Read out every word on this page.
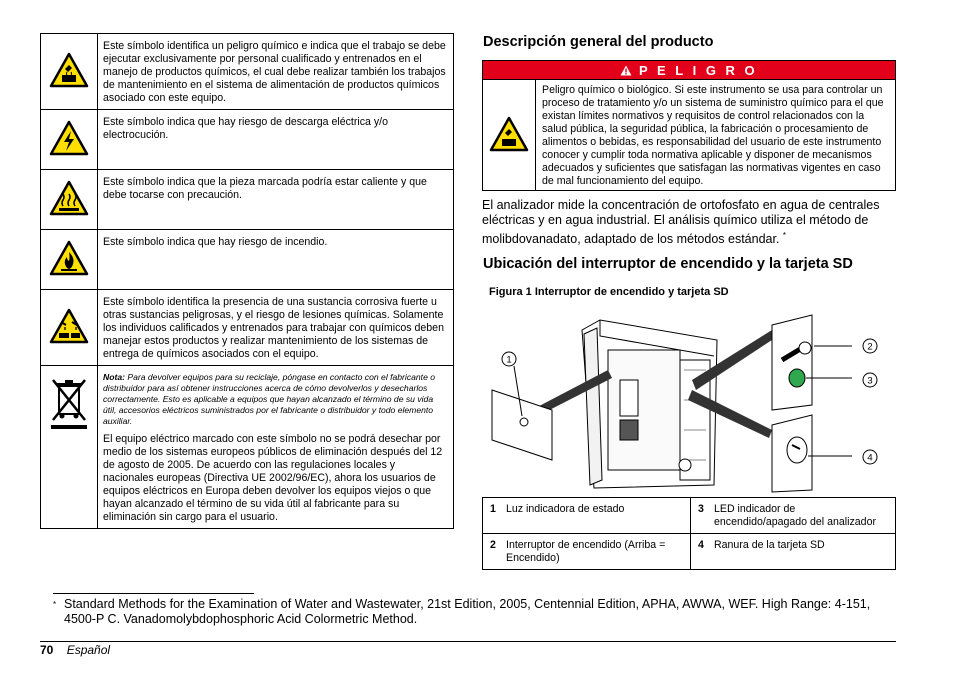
	Este símbolo identifica un peligro químico e indica que el trabajo se debe ejecutar exclusivamente por personal cualificado y entrenados en el manejo de productos químicos, el cual debe realizar también los trabajos de mantenimiento en el sistema de alimentación de productos químicos asociado con este equipo.
	Este símbolo indica que hay riesgo de descarga eléctrica y/o electrocución.
	Este símbolo indica que la pieza marcada podría estar caliente y que debe tocarse con precaución.
	Este símbolo indica que hay riesgo de incendio.
	Este símbolo identifica la presencia de una sustancia corrosiva fuerte u otras sustancias peligrosas, y el riesgo de lesiones químicas. Solamente los individuos calificados y entrenados para trabajar con químicos deben manejar estos productos y realizar mantenimiento de los sistemas de entrega de químicos asociados con el equipo.

Nota: Para devolver equipos para su reciclaje, póngase en contacto con el fabricante o distribuidor para así obtener instrucciones acerca de cómo devolverlos y desecharlos correctamente. Esto es aplicable a equipos que hayan alcanzado el término de su vida útil, accesorios eléctricos suministrados por el fabricante o distribuidor y todo elemento auxiliar.
El equipo eléctrico marcado con este símbolo no se podrá desechar por medio de los sistemas europeos públicos de eliminación después del 12 de agosto de 2005. De acuerdo con las regulaciones locales y nacionales europeas (Directiva UE 2002/96/EC), ahora los usuarios de equipos eléctricos en Europa deben devolver los equipos viejos o que hayan alcanzado el término de su vida útil al fabricante para su eliminación sin cargo para el usuario.
Descripción general del producto
P E L I G R O
Peligro químico o biológico. Si este instrumento se usa para controlar un proceso de tratamiento y/o un sistema de suministro químico para el que existan límites normativos y requisitos de control relacionados con la salud pública, la seguridad pública, la fabricación o procesamiento de alimentos o bebidas, es responsabilidad del usuario de este instrumento conocer y cumplir toda normativa aplicable y disponer de mecanismos adecuados y suficientes que satisfagan las normativas vigentes en caso de mal funcionamiento del equipo.
El analizador mide la concentración de ortofosfato en agua de centrales eléctricas y en agua industrial. El análisis químico utiliza el método de molibdovanadato, adaptado de los métodos estándar. *
Ubicación del interruptor de encendido y la tarjeta SD
Figura 1 Interruptor de encendido y tarjeta SD
1
2
3
4
1	Luz indicadora de estado	3	LED indicador de encendido/apagado del analizador
2	Interruptor de encendido (Arriba = Encendido)	4	Ranura de la tarjeta SD
* Standard Methods for the Examination of Water and Wastewater, 21st Edition, 2005, Centennial Edition, APHA, AWWA, WEF. High Range: 4-151, 4500-P C. Vanadomolybdophosphoric Acid Colormetric Method.
70 Español
